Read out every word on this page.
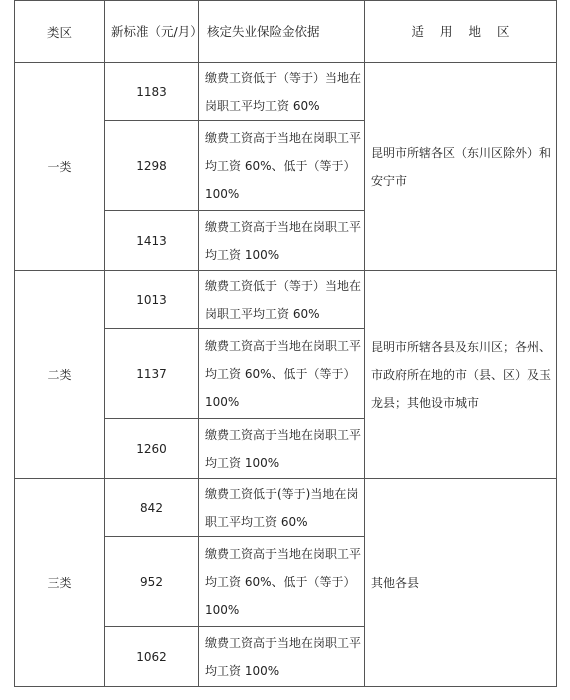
类区	新标准（元/月）	核定失业保险金依据	适 用 地 区
一类	1183	缴费工资低于（等于）当地在岗职工平均工资 60%	昆明市所辖各区（东川区除外）和安宁市
	1298	缴费工资高于当地在岗职工平均工资 60%、低于（等于）100%	
	1413	缴费工资高于当地在岗职工平均工资 100%	
二类	1013	缴费工资低于（等于）当地在岗职工平均工资 60%	昆明市所辖各县及东川区；各州、市政府所在地的市（县、区）及玉龙县；其他设市城市
	1137	缴费工资高于当地在岗职工平均工资 60%、低于（等于）100%	
	1260	缴费工资高于当地在岗职工平均工资 100%	
三类	842	缴费工资低于(等于)当地在岗职工平均工资 60%	其他各县
	952	缴费工资高于当地在岗职工平均工资 60%、低于（等于）100%	
	1062	缴费工资高于当地在岗职工平均工资 100%	
